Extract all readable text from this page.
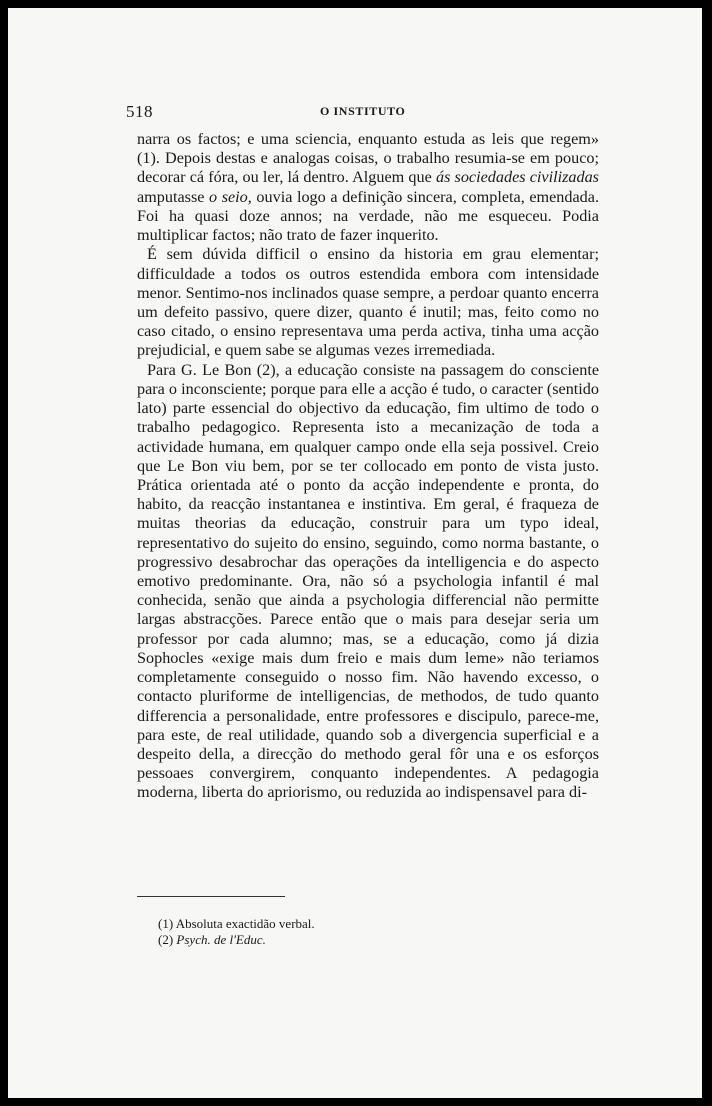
518	O INSTITUTO

narra os factos; e uma sciencia, enquanto estuda as leis que regem» (1). Depois destas e analogas coisas, o trabalho resumia-se em pouco; decorar cá fóra, ou ler, lá dentro. Alguem que ás sociedades civilizadas amputasse o seio, ouvia logo a definição sincera, completa, emendada. Foi ha quasi doze annos; na verdade, não me esqueceu. Podia multiplicar factos; não trato de fazer inquerito.

É sem dúvida difficil o ensino da historia em grau elementar; difficuldade a todos os outros estendida embora com intensidade menor. Sentimo-nos inclinados quase sempre, a perdoar quanto encerra um defeito passivo, quere dizer, quanto é inutil; mas, feito como no caso citado, o ensino representava uma perda activa, tinha uma acção prejudicial, e quem sabe se algumas vezes irremediada.

Para G. Le Bon (2), a educação consiste na passagem do consciente para o inconsciente; porque para elle a acção é tudo, o caracter (sentido lato) parte essencial do objectivo da educação, fim ultimo de todo o trabalho pedagogico. Representa isto a mecanização de toda a actividade humana, em qualquer campo onde ella seja possivel. Creio que Le Bon viu bem, por se ter collocado em ponto de vista justo. Prática orientada até o ponto da acção independente e pronta, do habito, da reacção instantanea e instintiva. Em geral, é fraqueza de muitas theorias da educação, construir para um typo ideal, representativo do sujeito do ensino, seguindo, como norma bastante, o progressivo desabrochar das operações da intelligencia e do aspecto emotivo predominante. Ora, não só a psychologia infantil é mal conhecida, senão que ainda a psychologia differencial não permitte largas abstracções. Parece então que o mais para desejar seria um professor por cada alumno; mas, se a educação, como já dizia Sophocles «exige mais dum freio e mais dum leme» não teriamos completamente conseguido o nosso fim. Não havendo excesso, o contacto pluriforme de intelligencias, de methodos, de tudo quanto differencia a personalidade, entre professores e discipulo, parece-me, para este, de real utilidade, quando sob a divergencia superficial e a despeito della, a direcção do methodo geral fôr una e os esforços pessoaes convergirem, conquanto independentes. A pedagogia moderna, liberta do apriorismo, ou reduzida ao indispensavel para di-

(1) Absoluta exactidão verbal.
(2) Psych. de l'Educ.
